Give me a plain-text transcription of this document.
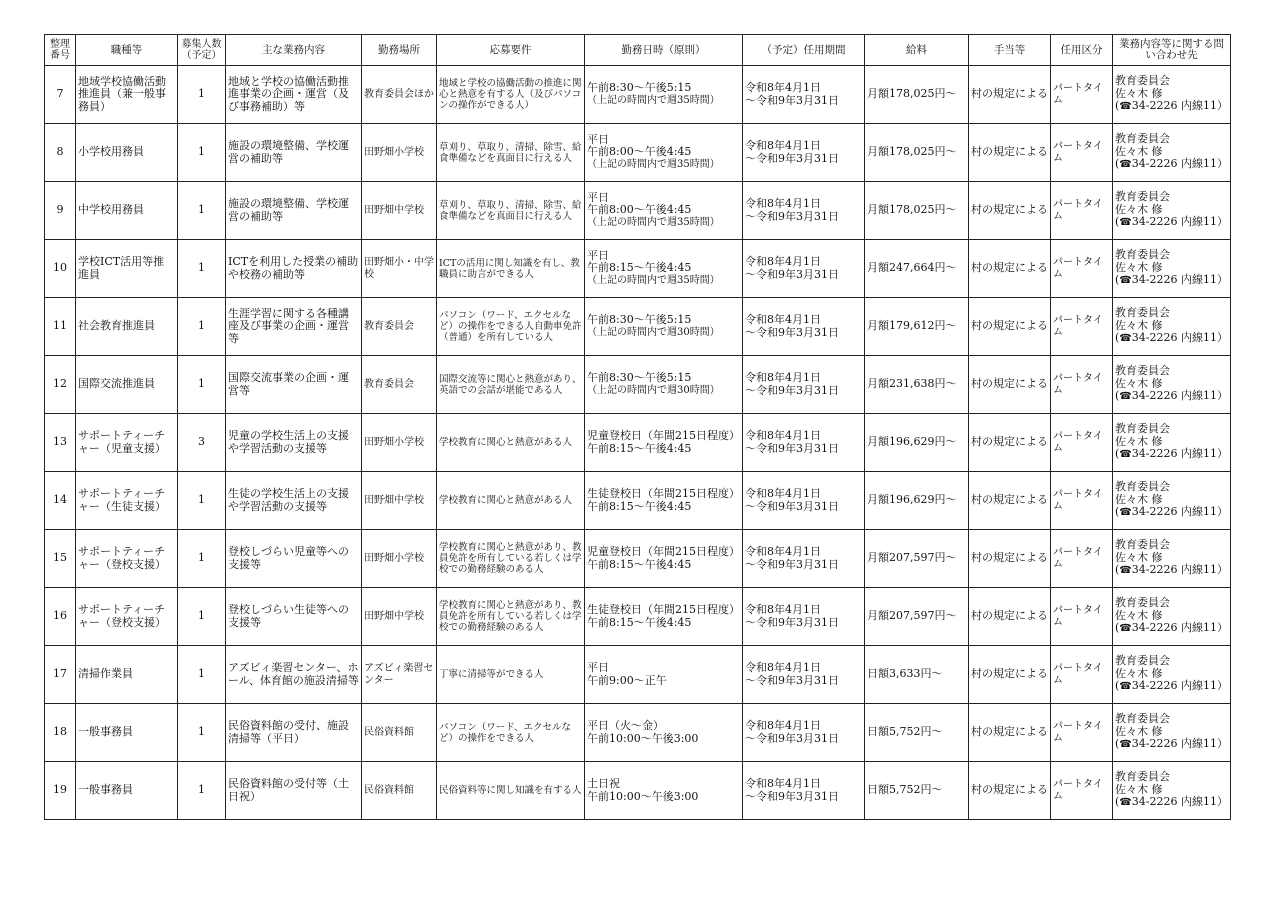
整理番号	職種等	募集人数（予定）	主な業務内容	勤務場所	応募要件	勤務日時（原則）	（予定）任用期間	給料	手当等	任用区分	業務内容等に関する問い合わせ先
7	地域学校協働活動推進員（兼一般事務員）	1	地域と学校の協働活動推進事業の企画・運営（及び事務補助）等	教育委員会ほか	地域と学校の協働活動の推進に関心と熱意を有する人（及びパソコンの操作ができる人）	午前8:30～午後5:15
（上記の時間内で週35時間）	令和8年4月1日
～令和9年3月31日	月額178,025円～	村の規定による	パートタイム	教育委員会
佐々木 修
(☎34-2226 内線11）

8	小学校用務員	1	施設の環境整備、学校運営の補助等	田野畑小学校	草刈り、草取り、清掃、除雪、給食準備などを真面目に行える人	平日
午前8:00～午後4:45
（上記の時間内で週35時間）	令和8年4月1日
～令和9年3月31日	月額178,025円～	村の規定による	パートタイム	教育委員会
佐々木 修
(☎34-2226 内線11）

9	中学校用務員	1	施設の環境整備、学校運営の補助等	田野畑中学校	草刈り、草取り、清掃、除雪、給食準備などを真面目に行える人	平日
午前8:00～午後4:45
（上記の時間内で週35時間）	令和8年4月1日
～令和9年3月31日	月額178,025円～	村の規定による	パートタイム	教育委員会
佐々木 修
(☎34-2226 内線11）

10	学校ICT活用等推進員	1	ICTを利用した授業の補助や校務の補助等	田野畑小・中学校	ICTの活用に関し知識を有し、教職員に助言ができる人	平日
午前8:15～午後4:45
（上記の時間内で週35時間）	令和8年4月1日
～令和9年3月31日	月額247,664円～	村の規定による	パートタイム	教育委員会
佐々木 修
(☎34-2226 内線11）

11	社会教育推進員	1	生涯学習に関する各種講座及び事業の企画・運営等	教育委員会	パソコン（ワード、エクセルなど）の操作をできる人自動車免許（普通）を所有している人	午前8:30～午後5:15
（上記の時間内で週30時間）	令和8年4月1日
～令和9年3月31日	月額179,612円～	村の規定による	パートタイム	教育委員会
佐々木 修
(☎34-2226 内線11）

12	国際交流推進員	1	国際交流事業の企画・運営等	教育委員会	国際交流等に関心と熱意があり、英語での会話が堪能である人	午前8:30～午後5:15
（上記の時間内で週30時間）	令和8年4月1日
～令和9年3月31日	月額231,638円～	村の規定による	パートタイム	教育委員会
佐々木 修
(☎34-2226 内線11）

13	サポートティーチャー（児童支援）	3	児童の学校生活上の支援や学習活動の支援等	田野畑小学校	学校教育に関心と熱意がある人	児童登校日（年間215日程度）
午前8:15～午後4:45	令和8年4月1日
～令和9年3月31日	月額196,629円～	村の規定による	パートタイム	教育委員会
佐々木 修
(☎34-2226 内線11）

14	サポートティーチャー（生徒支援）	1	生徒の学校生活上の支援や学習活動の支援等	田野畑中学校	学校教育に関心と熱意がある人	生徒登校日（年間215日程度）
午前8:15～午後4:45	令和8年4月1日
～令和9年3月31日	月額196,629円～	村の規定による	パートタイム	教育委員会
佐々木 修
(☎34-2226 内線11）

15	サポートティーチャー（登校支援）	1	登校しづらい児童等への支援等	田野畑小学校	学校教育に関心と熱意があり、教員免許を所有している若しくは学校での勤務経験のある人	児童登校日（年間215日程度）
午前8:15～午後4:45	令和8年4月1日
～令和9年3月31日	月額207,597円～	村の規定による	パートタイム	教育委員会
佐々木 修
(☎34-2226 内線11）

16	サポートティーチャー（登校支援）	1	登校しづらい生徒等への支援等	田野畑中学校	学校教育に関心と熱意があり、教員免許を所有している若しくは学校での勤務経験のある人	生徒登校日（年間215日程度）
午前8:15～午後4:45	令和8年4月1日
～令和9年3月31日	月額207,597円～	村の規定による	パートタイム	教育委員会
佐々木 修
(☎34-2226 内線11）

17	清掃作業員	1	アズビィ楽習センター、ホール、体育館の施設清掃等	アズビィ楽習センター	丁寧に清掃等ができる人	平日
午前9:00～正午	令和8年4月1日
～令和9年3月31日	日額3,633円～	村の規定による	パートタイム	教育委員会
佐々木 修
(☎34-2226 内線11）

18	一般事務員	1	民俗資料館の受付、施設清掃等（平日）	民俗資料館	パソコン（ワード、エクセルなど）の操作をできる人	平日（火～金）
午前10:00～午後3:00	令和8年4月1日
～令和9年3月31日	日額5,752円～	村の規定による	パートタイム	教育委員会
佐々木 修
(☎34-2226 内線11）

19	一般事務員	1	民俗資料館の受付等（土日祝）	民俗資料館	民俗資料等に関し知識を有する人	土日祝
午前10:00～午後3:00	令和8年4月1日
～令和9年3月31日	日額5,752円～	村の規定による	パートタイム	教育委員会
佐々木 修
(☎34-2226 内線11）
